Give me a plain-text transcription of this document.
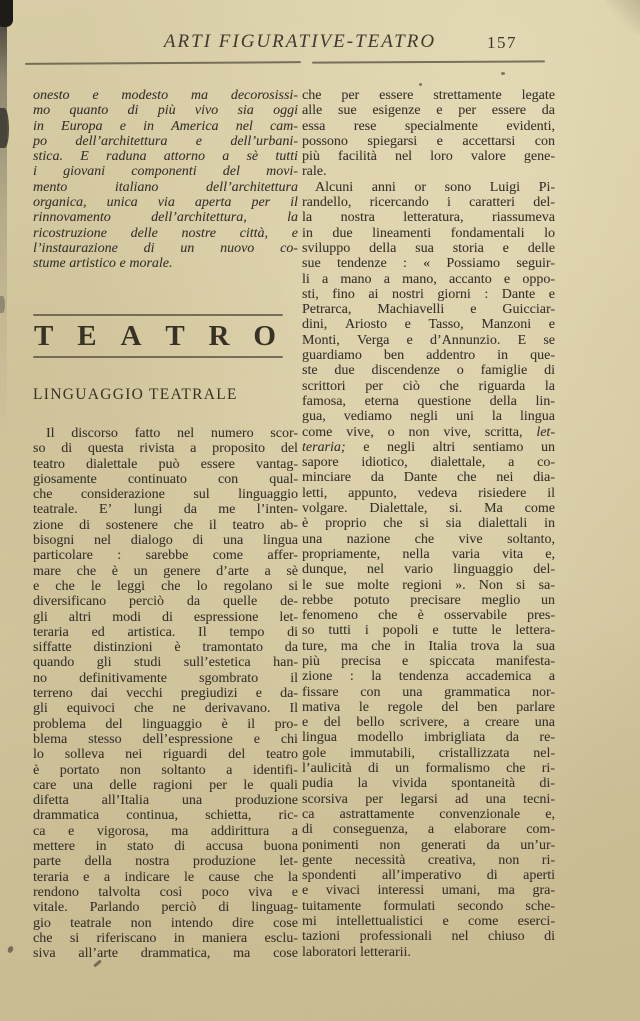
ARTI FIGURATIVE-TEATRO	157
onesto e modesto ma decorosissi-
mo quanto di più vivo sia oggi
in Europa e in America nel cam-
po dell’architettura e dell’urbani-
stica. E raduna attorno a sè tutti
i giovani componenti del movi-
mento	italiano	dell’architettura
organica, unica via aperta per il
rinnovamento	dell’architettura,	la
ricostruzione delle nostre città, e
l’instaurazione di un nuovo co-
stume artistico e morale.
T E A T R O
LINGUAGGIO TEATRALE
Il discorso fatto nel numero scor-
so di questa rivista a proposito del
teatro dialettale può essere vantag-
giosamente continuato con qual-
che considerazione sul linguaggio
teatrale. E’ lungi da me l’inten-
zione di sostenere che il teatro ab-
bisogni nel dialogo di una lingua
particolare : sarebbe come affer-
mare che è un genere d’arte a sè
e che le leggi che lo regolano si
diversificano perciò da quelle de-
gli altri modi di espressione let-
teraria ed artistica. Il tempo di
siffatte distinzioni è tramontato da
quando gli studi sull’estetica han-
no definitivamente sgombrato il
terreno dai vecchi pregiudizi e da-
gli equivoci che ne derivavano. Il
problema del linguaggio è il pro-
blema stesso dell’espressione e chi
lo solleva nei riguardi del teatro
è portato non soltanto a identifi-
care una delle ragioni per le quali
difetta all’Italia una produzione
drammatica continua, schietta, ric-
ca e vigorosa, ma addirittura a
mettere in stato di accusa buona
parte della nostra produzione let-
teraria e a indicare le cause che la
rendono talvolta così poco viva e
vitale. Parlando perciò di linguag-
gio teatrale non intendo dire cose
che si riferiscano in maniera esclu-
siva all’arte drammatica, ma cose
che per essere strettamente legate
alle sue esigenze e per essere da
essa rese specialmente evidenti,
possono spiegarsi e accettarsi con
più facilità nel loro valore gene-
rale.
Alcuni anni or sono Luigi Pi-
randello, ricercando i caratteri del-
la nostra letteratura, riassumeva
in due lineamenti fondamentali lo
sviluppo della sua storia e delle
sue tendenze : « Possiamo seguir-
li a mano a mano, accanto e oppo-
sti, fino ai nostri giorni : Dante e
Petrarca, Machiavelli e Guicciar-
dini, Ariosto e Tasso, Manzoni e
Monti, Verga e d’Annunzio. E se
guardiamo ben addentro in que-
ste due discendenze o famiglie di
scrittori per ciò che riguarda la
famosa, eterna questione della lin-
gua, vediamo negli uni la lingua
come vive, o non vive, scritta, let-
teraria; e negli altri sentiamo un
sapore idiotico, dialettale, a co-
minciare da Dante che nei dia-
letti, appunto, vedeva risiedere il
volgare. Dialettale, si. Ma come
è proprio che si sia dialettali in
una nazione che vive soltanto,
propriamente, nella varia vita e,
dunque, nel vario linguaggio del-
le sue molte regioni ». Non si sa-
rebbe potuto precisare meglio un
fenomeno che è osservabile pres-
so tutti i popoli e tutte le lettera-
ture, ma che in Italia trova la sua
più precisa e spiccata manifesta-
zione : la tendenza accademica a
fissare con una grammatica nor-
mativa le regole del ben parlare
e del bello scrivere, a creare una
lingua modello imbrigliata da re-
gole immutabili, cristallizzata nel-
l’aulicità di un formalismo che ri-
pudia la vivida spontaneità di-
scorsiva per legarsi ad una tecni-
ca astrattamente convenzionale e,
di conseguenza, a elaborare com-
ponimenti non generati da un’ur-
gente necessità creativa, non ri-
spondenti all’imperativo di aperti
e vivaci interessi umani, ma gra-
tuitamente formulati secondo sche-
mi intellettualistici e come eserci-
tazioni professionali nel chiuso di
laboratori letterarii.
